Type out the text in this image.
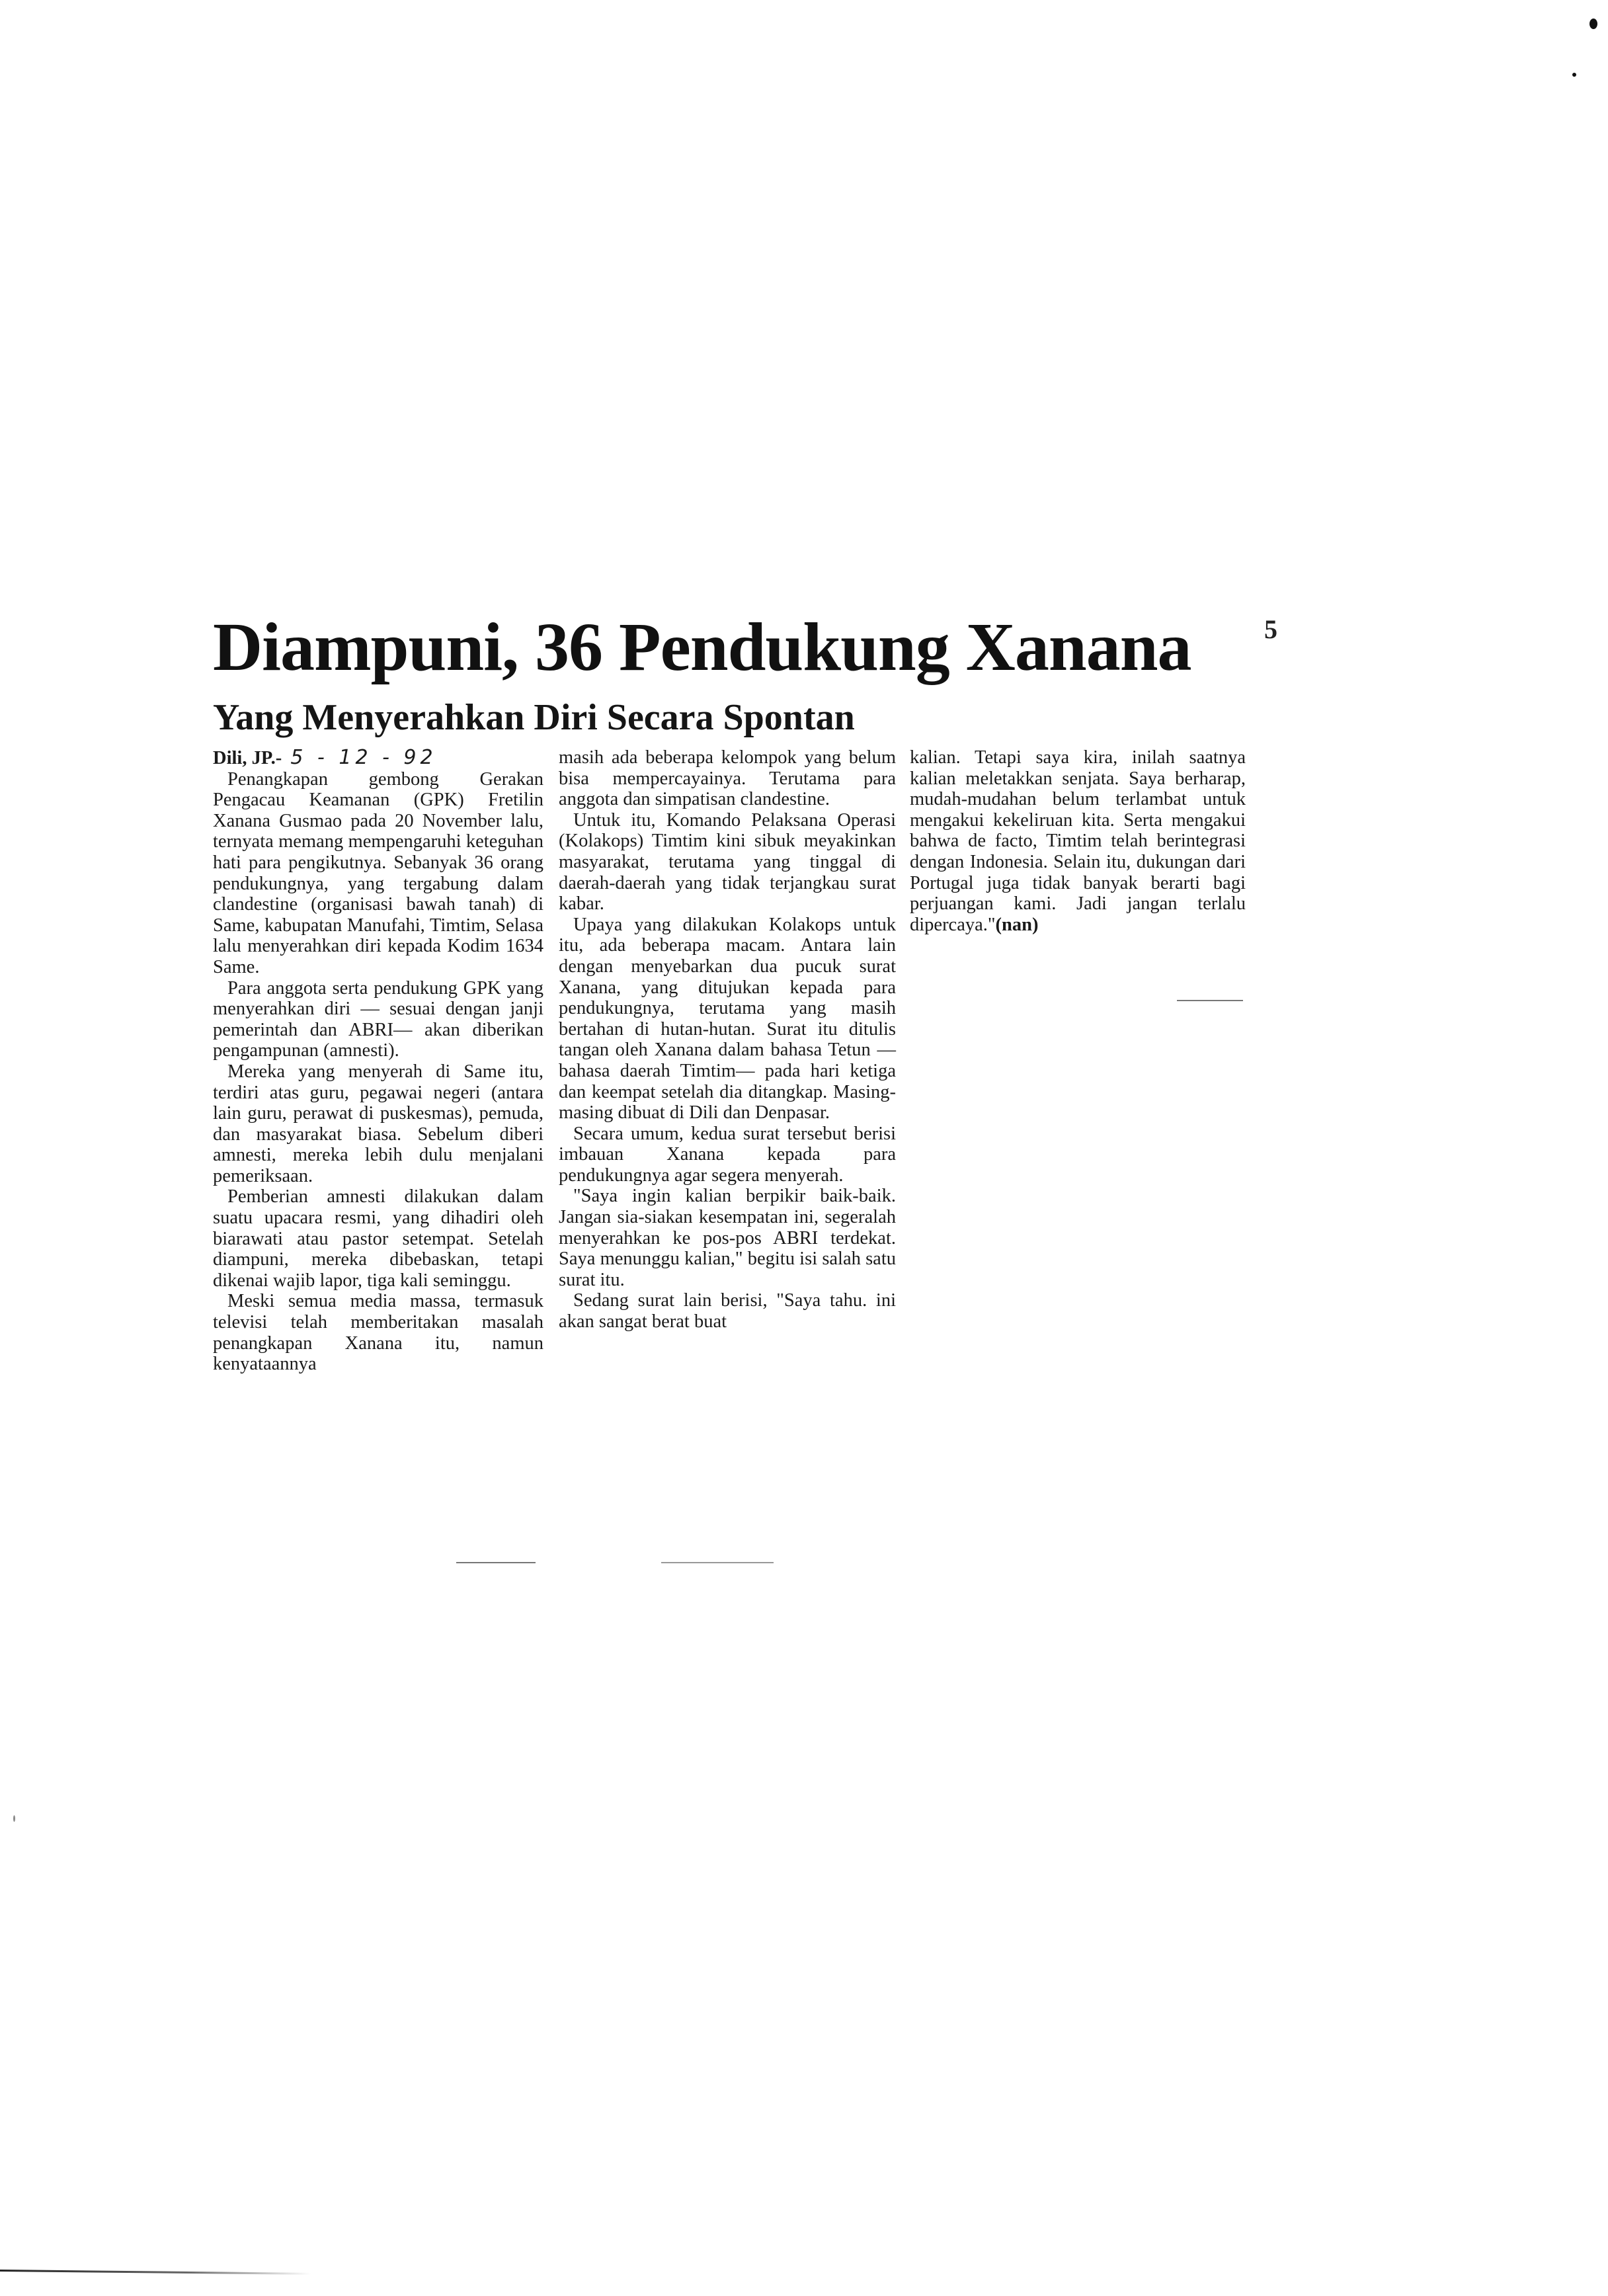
Diampuni, 36 Pendukung Xanana	5
Yang Menyerahkan Diri Secara Spontan

Dili, JP.- 5 - 12 - 92

Penangkapan gembong Gerakan Pengacau Keamanan (GPK) Fretilin Xanana Gusmao pada 20 November lalu, ternyata memang mempengaruhi keteguhan hati para pengikutnya. Sebanyak 36 orang pendukungnya, yang tergabung dalam clandestine (organisasi bawah tanah) di Same, kabupatan Manufahi, Timtim, Selasa lalu menyerahkan diri kepada Kodim 1634 Same.

Para anggota serta pendukung GPK yang menyerahkan diri — sesuai dengan janji pemerintah dan ABRI— akan diberikan pengampunan (amnesti).

Mereka yang menyerah di Same itu, terdiri atas guru, pegawai negeri (antara lain guru, perawat di puskesmas), pemuda, dan masyarakat biasa. Sebelum diberi amnesti, mereka lebih dulu menjalani pemeriksaan.

Pemberian amnesti dilakukan dalam suatu upacara resmi, yang dihadiri oleh biarawati atau pastor setempat. Setelah diampuni, mereka dibebaskan, tetapi dikenai wajib lapor, tiga kali seminggu.

Meski semua media massa, termasuk televisi telah memberitakan masalah penangkapan Xanana itu, namun kenyataannya

masih ada beberapa kelompok yang belum bisa mempercayainya. Terutama para anggota dan simpatisan clandestine.

Untuk itu, Komando Pelaksana Operasi (Kolakops) Timtim kini sibuk meyakinkan masyarakat, terutama yang tinggal di daerah-daerah yang tidak terjangkau surat kabar.

Upaya yang dilakukan Kolakops untuk itu, ada beberapa macam. Antara lain dengan menyebarkan dua pucuk surat Xanana, yang ditujukan kepada para pendukungnya, terutama yang masih bertahan di hutan-hutan. Surat itu ditulis tangan oleh Xanana dalam bahasa Tetun —bahasa daerah Timtim— pada hari ketiga dan keempat setelah dia ditangkap. Masing-masing dibuat di Dili dan Denpasar.

Secara umum, kedua surat tersebut berisi imbauan Xanana kepada para pendukungnya agar segera menyerah.

"Saya ingin kalian berpikir baik-baik. Jangan sia-siakan kesempatan ini, segeralah menyerahkan ke pos-pos ABRI terdekat. Saya menunggu kalian," begitu isi salah satu surat itu.

Sedang surat lain berisi, "Saya tahu. ini akan sangat berat buat

kalian. Tetapi saya kira, inilah saatnya kalian meletakkan senjata. Saya berharap, mudah-mudahan belum terlambat untuk mengakui kekeliruan kita. Serta mengakui bahwa de facto, Timtim telah berintegrasi dengan Indonesia. Selain itu, dukungan dari Portugal juga tidak banyak berarti bagi perjuangan kami. Jadi jangan terlalu dipercaya."(nan)
